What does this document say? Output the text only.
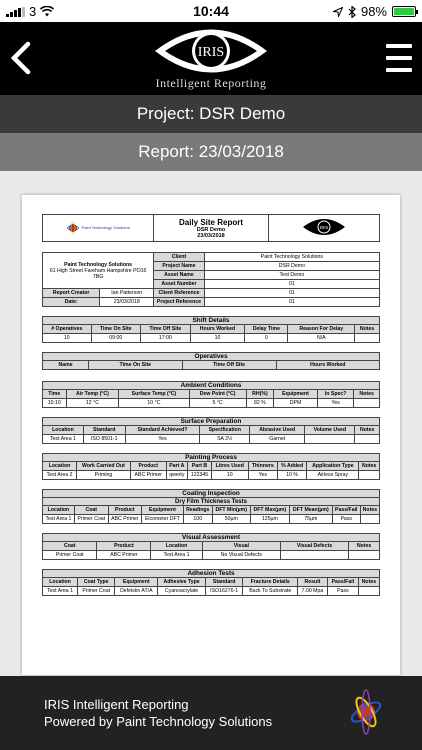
3	10:44	98%
IRIS
Intelligent Reporting
Project: DSR Demo
Report: 23/03/2018
Paint Technology Solutions

Daily Site Report
DSR Demo
23/03/2018

IRIS
Paint Technology Solutions
61 High Street Fareham Hampshire PO16 7BG		Client	Paint Technology Solutions
		Project Name	DSR Demo
		Asset Name	Test Demo
		Asset Number	01
Report Creator	Ian Patterson	Client Reference	01
Date:	23/03/2018	Project Reference	01
Shift Details
# Operatives	Time On Site	Time Off Site	Hours Worked	Delay Time	Reason For Delay	Notes
10	09:00	17:00	10	0	N/A	
Operatives
Name	Time On Site	Time Off Site	Hours Worked

Ambient Conditions
Time	Air Temp (°C)	Surface Temp (°C)	Dew Point (°C)	RH(%)	Equipment	In Spec?	Notes
10:10	12 °C	10 °C	5 °C	82 %	DPM	Yes	
Surface Preparation
Location	Standard	Standard Achieved?	Specification	Abrasive Used	Volume Used	Notes
Test Area 1	ISO 8501-1	Yes	SA 2½	Garnet		
Painting Process
Location	Work Carried Out	Product	Part A	Part B	Litres Used	Thinners	% Added	Application Type	Notes
Test Area 2	Priming	ABC Primer	qwerty	122345	10	Yes	10 %	Airless Spray	
Coating Inspection
Dry Film Thickness Tests
Location	Coat	Product	Equipment	Readings	DFT Min(µm)	DFT Max(µm)	DFT Mean(µm)	Pass/Fail	Notes
Test Area 1	Primer Coat	ABC Primer	Elcometer DFT	100	50µm	125µm	75µm	Pass	
Visual Assessment
Coat	Product	Location	Visual	Visual Defects	Notes
Primer Coat	ABC Primer	Test Area 1	No Visual Defects		
Adhesion Tests
Location	Coat Type	Equipment	Adhesive Type	Standard	Fracture Details	Result	Pass/Fail	Notes
Test Area 1	Primer Coat	Defelsko AT/A	Cyanoacrylate	ISO16276-1	Back To Substrate	7.00 Mpa	Pass	
IRIS Intelligent Reporting
Powered by Paint Technology Solutions
